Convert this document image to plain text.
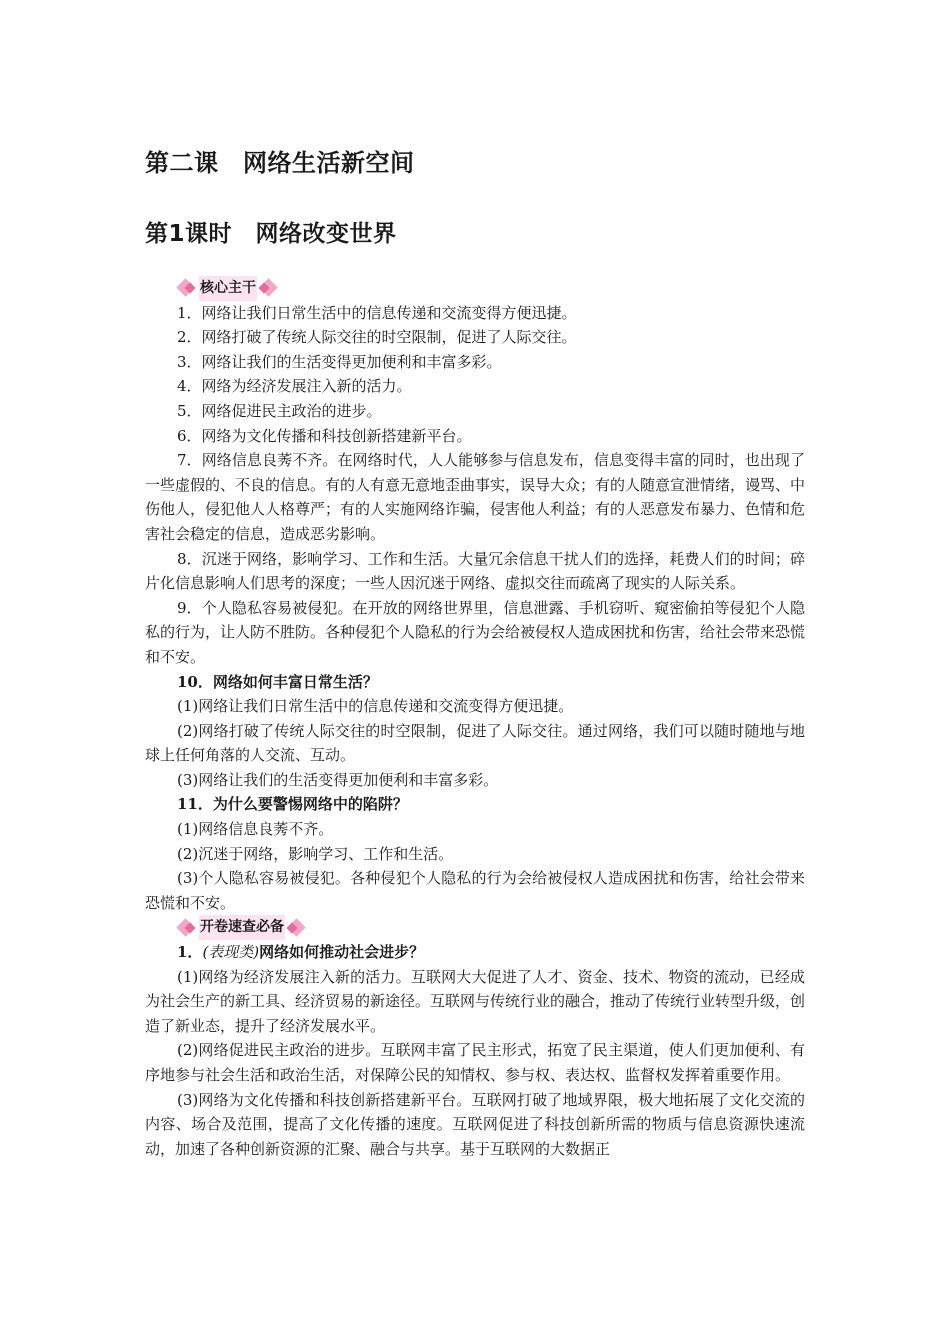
第二课　网络生活新空间
第1课时　网络改变世界
核心主干

1．网络让我们日常生活中的信息传递和交流变得方便迅捷。

2．网络打破了传统人际交往的时空限制，促进了人际交往。

3．网络让我们的生活变得更加便利和丰富多彩。

4．网络为经济发展注入新的活力。

5．网络促进民主政治的进步。

6．网络为文化传播和科技创新搭建新平台。

7．网络信息良莠不齐。在网络时代，人人能够参与信息发布，信息变得丰富的同时，也出现了一些虚假的、不良的信息。有的人有意无意地歪曲事实，误导大众；有的人随意宣泄情绪，谩骂、中伤他人，侵犯他人人格尊严；有的人实施网络诈骗，侵害他人利益；有的人恶意发布暴力、色情和危害社会稳定的信息，造成恶劣影响。

8．沉迷于网络，影响学习、工作和生活。大量冗余信息干扰人们的选择，耗费人们的时间；碎片化信息影响人们思考的深度；一些人因沉迷于网络、虚拟交往而疏离了现实的人际关系。

9．个人隐私容易被侵犯。在开放的网络世界里，信息泄露、手机窃听、窥密偷拍等侵犯个人隐私的行为，让人防不胜防。各种侵犯个人隐私的行为会给被侵权人造成困扰和伤害，给社会带来恐慌和不安。

10．网络如何丰富日常生活？

(1)网络让我们日常生活中的信息传递和交流变得方便迅捷。

(2)网络打破了传统人际交往的时空限制，促进了人际交往。通过网络，我们可以随时随地与地球上任何角落的人交流、互动。

(3)网络让我们的生活变得更加便利和丰富多彩。

11．为什么要警惕网络中的陷阱？

(1)网络信息良莠不齐。

(2)沉迷于网络，影响学习、工作和生活。

(3)个人隐私容易被侵犯。各种侵犯个人隐私的行为会给被侵权人造成困扰和伤害，给社会带来恐慌和不安。

开卷速查必备

1．(表现类)网络如何推动社会进步？

(1)网络为经济发展注入新的活力。互联网大大促进了人才、资金、技术、物资的流动，已经成为社会生产的新工具、经济贸易的新途径。互联网与传统行业的融合，推动了传统行业转型升级，创造了新业态，提升了经济发展水平。

(2)网络促进民主政治的进步。互联网丰富了民主形式，拓宽了民主渠道，使人们更加便利、有序地参与社会生活和政治生活，对保障公民的知情权、参与权、表达权、监督权发挥着重要作用。

(3)网络为文化传播和科技创新搭建新平台。互联网打破了地域界限，极大地拓展了文化交流的内容、场合及范围，提高了文化传播的速度。互联网促进了科技创新所需的物质与信息资源快速流动，加速了各种创新资源的汇聚、融合与共享。基于互联网的大数据正
